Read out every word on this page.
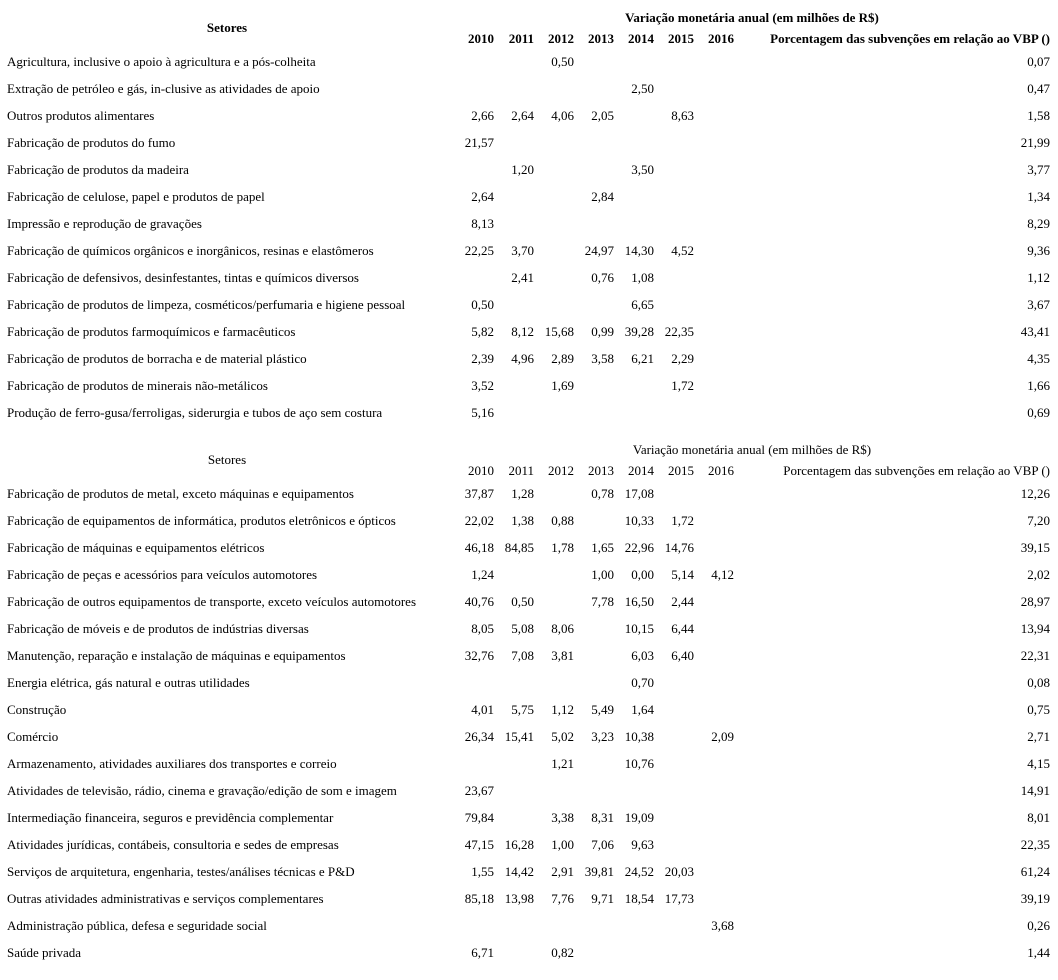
Setores	Variação monetária anual (em milhões de R$)							
	2010	2011	2012	2013	2014	2015	2016	Porcentagem das subvenções em relação ao VBP ()
Agricultura, inclusive o apoio à agricultura e a pós-colheita			0,50					0,07
Extração de petróleo e gás, in-clusive as atividades de apoio					2,50			0,47
Outros produtos alimentares	2,66	2,64	4,06	2,05		8,63		1,58
Fabricação de produtos do fumo	21,57							21,99
Fabricação de produtos da madeira		1,20			3,50			3,77
Fabricação de celulose, papel e produtos de papel	2,64			2,84				1,34
Impressão e reprodução de gravações	8,13							8,29
Fabricação de químicos orgânicos e inorgânicos, resinas e elastômeros	22,25	3,70		24,97	14,30	4,52		9,36
Fabricação de defensivos, desinfestantes, tintas e químicos diversos		2,41		0,76	1,08			1,12
Fabricação de produtos de limpeza, cosméticos/perfumaria e higiene pessoal	0,50				6,65			3,67
Fabricação de produtos farmoquímicos e farmacêuticos	5,82	8,12	15,68	0,99	39,28	22,35		43,41
Fabricação de produtos de borracha e de material plástico	2,39	4,96	2,89	3,58	6,21	2,29		4,35
Fabricação de produtos de minerais não-metálicos	3,52		1,69			1,72		1,66
Produção de ferro-gusa/ferroligas, siderurgia e tubos de aço sem costura	5,16							0,69
Setores	Variação monetária anual (em milhões de R$)							
	2010	2011	2012	2013	2014	2015	2016	Porcentagem das subvenções em relação ao VBP ()
Fabricação de produtos de metal, exceto máquinas e equipamentos	37,87	1,28		0,78	17,08			12,26
Fabricação de equipamentos de informática, produtos eletrônicos e ópticos	22,02	1,38	0,88		10,33	1,72		7,20
Fabricação de máquinas e equipamentos elétricos	46,18	84,85	1,78	1,65	22,96	14,76		39,15
Fabricação de peças e acessórios para veículos automotores	1,24			1,00	0,00	5,14	4,12	2,02
Fabricação de outros equipamentos de transporte, exceto veículos automotores	40,76	0,50		7,78	16,50	2,44		28,97
Fabricação de móveis e de produtos de indústrias diversas	8,05	5,08	8,06		10,15	6,44		13,94
Manutenção, reparação e instalação de máquinas e equipamentos	32,76	7,08	3,81		6,03	6,40		22,31
Energia elétrica, gás natural e outras utilidades					0,70			0,08
Construção	4,01	5,75	1,12	5,49	1,64			0,75
Comércio	26,34	15,41	5,02	3,23	10,38		2,09	2,71
Armazenamento, atividades auxiliares dos transportes e correio			1,21		10,76			4,15
Atividades de televisão, rádio, cinema e gravação/edição de som e imagem	23,67							14,91
Intermediação financeira, seguros e previdência complementar	79,84		3,38	8,31	19,09			8,01
Atividades jurídicas, contábeis, consultoria e sedes de empresas	47,15	16,28	1,00	7,06	9,63			22,35
Serviços de arquitetura, engenharia, testes/análises técnicas e P&D	1,55	14,42	2,91	39,81	24,52	20,03		61,24
Outras atividades administrativas e serviços complementares	85,18	13,98	7,76	9,71	18,54	17,73		39,19
Administração pública, defesa e seguridade social							3,68	0,26
Saúde privada	6,71		0,82					1,44
